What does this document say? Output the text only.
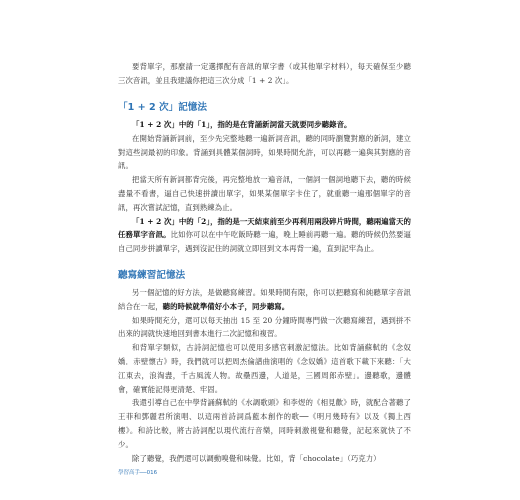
要背單字，那麼請一定選擇配有音訊的單字書（或其他單字材料），每天確保至少聽三次音訊，並且我建議你把這三次分成「1 + 2 次」。

「1 + 2 次」記憶法

「1 + 2 次」中的「1」，指的是在背誦新詞當天就要同步聽錄音。

在開始背誦新詞前，至少先完整地聽一遍新詞音訊，聽的同時瀏覽對應的新詞，建立對這些詞最初的印象。背誦到具體某個詞時，如果時間允許，可以再聽一遍與其對應的音訊。

把當天所有新詞都背完後，再完整地放一遍音訊，一個詞一個詞地聽下去，聽的時候盡量不看書，逼自己快速拼讀出單字，如果某個單字卡住了，就重聽一遍那個單字的音訊，再次嘗試記憶，直到熟練為止。

「1 + 2 次」中的「2」，指的是一天結束前至少再利用兩段碎片時間，聽兩遍當天的任務單字音訊。比如你可以在中午吃飯時聽一遍，晚上睡前再聽一遍。聽的時候仍然要逼自己同步拼讀單字，遇到沒記住的詞就立即回到文本再背一遍，直到記牢為止。

聽寫練習記憶法

另一個記憶的好方法，是做聽寫練習。如果時間有限，你可以把聽寫和純聽單字音訊結合在一起，聽的時候就準備好小本子，同步聽寫。

如果時間充分，還可以每天抽出 15 至 20 分鐘時間專門做一次聽寫練習，遇到拼不出來的詞就快速地回到書本進行二次記憶和複習。

和背單字類似，古詩詞記憶也可以使用多感官刺激記憶法。比如背誦蘇軾的《念奴嬌．赤壁懷古》時，我們就可以把周杰倫譜曲演唱的《念奴嬌》這首歌下載下來聽：「大江東去，浪淘盡，千古風流人物。故壘西邊，人道是，三國周郎赤壁」。邊聽歌，邊體會，確實能記得更清楚、牢固。

我還引導自己在中學背誦蘇軾的《水調歌頭》和李煜的《相見歡》時，就配合著聽了王菲和鄧麗君所演唱、以這兩首詩詞爲藍本創作的歌──《明月幾時有》以及《獨上西樓》。和詩比較，將古詩詞配以現代流行音樂，同時刺激視覺和聽覺，記起來就快了不少。

除了聽覺，我們還可以調動嗅覺和味覺。比如，背「chocolate」（巧克力）

學習高手──016
